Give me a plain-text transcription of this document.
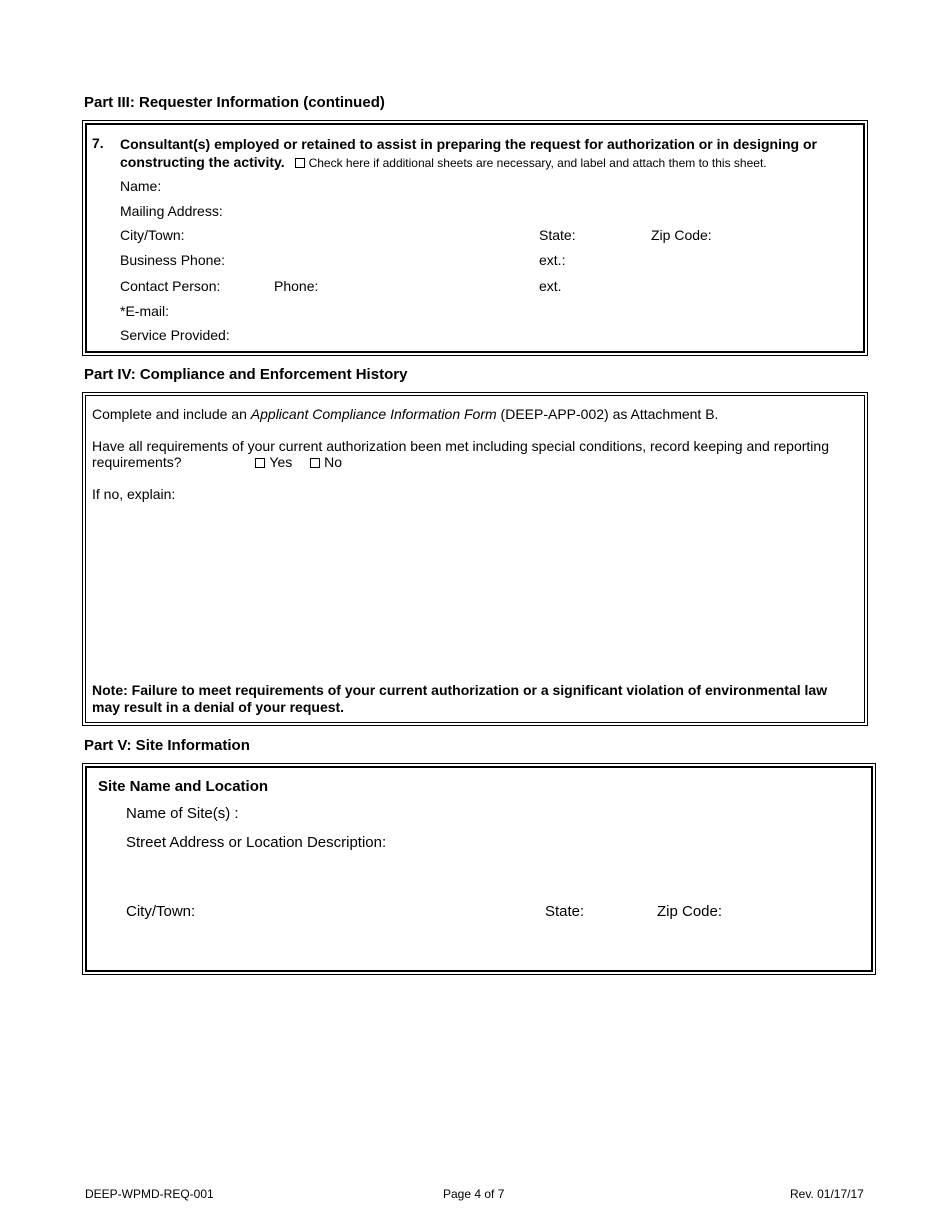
Part III: Requester Information (continued)
7. Consultant(s) employed or retained to assist in preparing the request for authorization or in designing or constructing the activity. Check here if additional sheets are necessary, and label and attach them to this sheet.
Name:
Mailing Address:
City/Town:	State:	Zip Code:
Business Phone:	ext.:
Contact Person:	Phone:	ext.
*E-mail:
Service Provided:
Part IV: Compliance and Enforcement History
Complete and include an Applicant Compliance Information Form (DEEP-APP-002) as Attachment B.
Have all requirements of your current authorization been met including special conditions, record keeping and reporting
requirements?	Yes No
If no, explain:
Note: Failure to meet requirements of your current authorization or a significant violation of environmental law
may result in a denial of your request.
Part V: Site Information
Site Name and Location
Name of Site(s) :
Street Address or Location Description:
City/Town:	State:	Zip Code:
DEEP-WPMD-REQ-001	Page 4 of 7	Rev. 01/17/17
